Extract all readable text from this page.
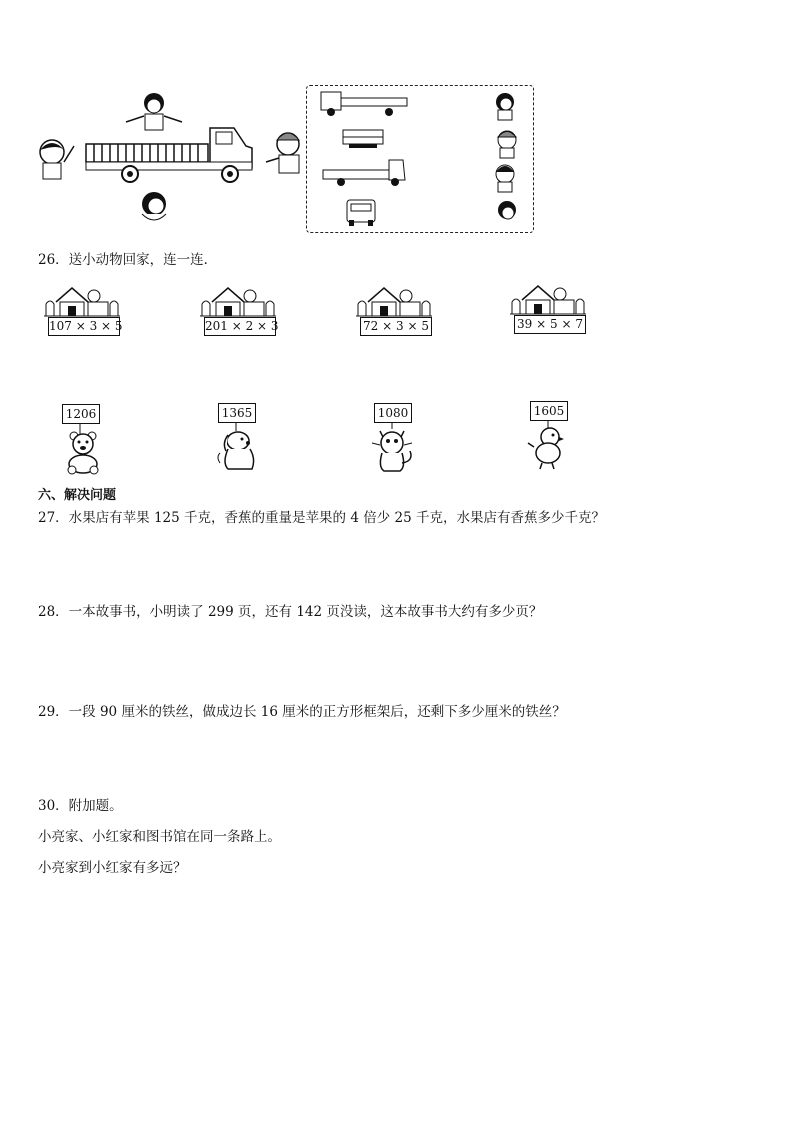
26．送小动物回家，连一连．
107 × 3 × 5	201 × 2 × 3	72 × 3 × 5	39 × 5 × 7
1206	1365	1080	1605
六、解决问题
27．水果店有苹果 125 千克，香蕉的重量是苹果的 4 倍少 25 千克，水果店有香蕉多少千克？
28．一本故事书，小明读了 299 页，还有 142 页没读，这本故事书大约有多少页？
29．一段 90 厘米的铁丝，做成边长 16 厘米的正方形框架后，还剩下多少厘米的铁丝？
30．附加题。
小亮家、小红家和图书馆在同一条路上。
小亮家到小红家有多远？
